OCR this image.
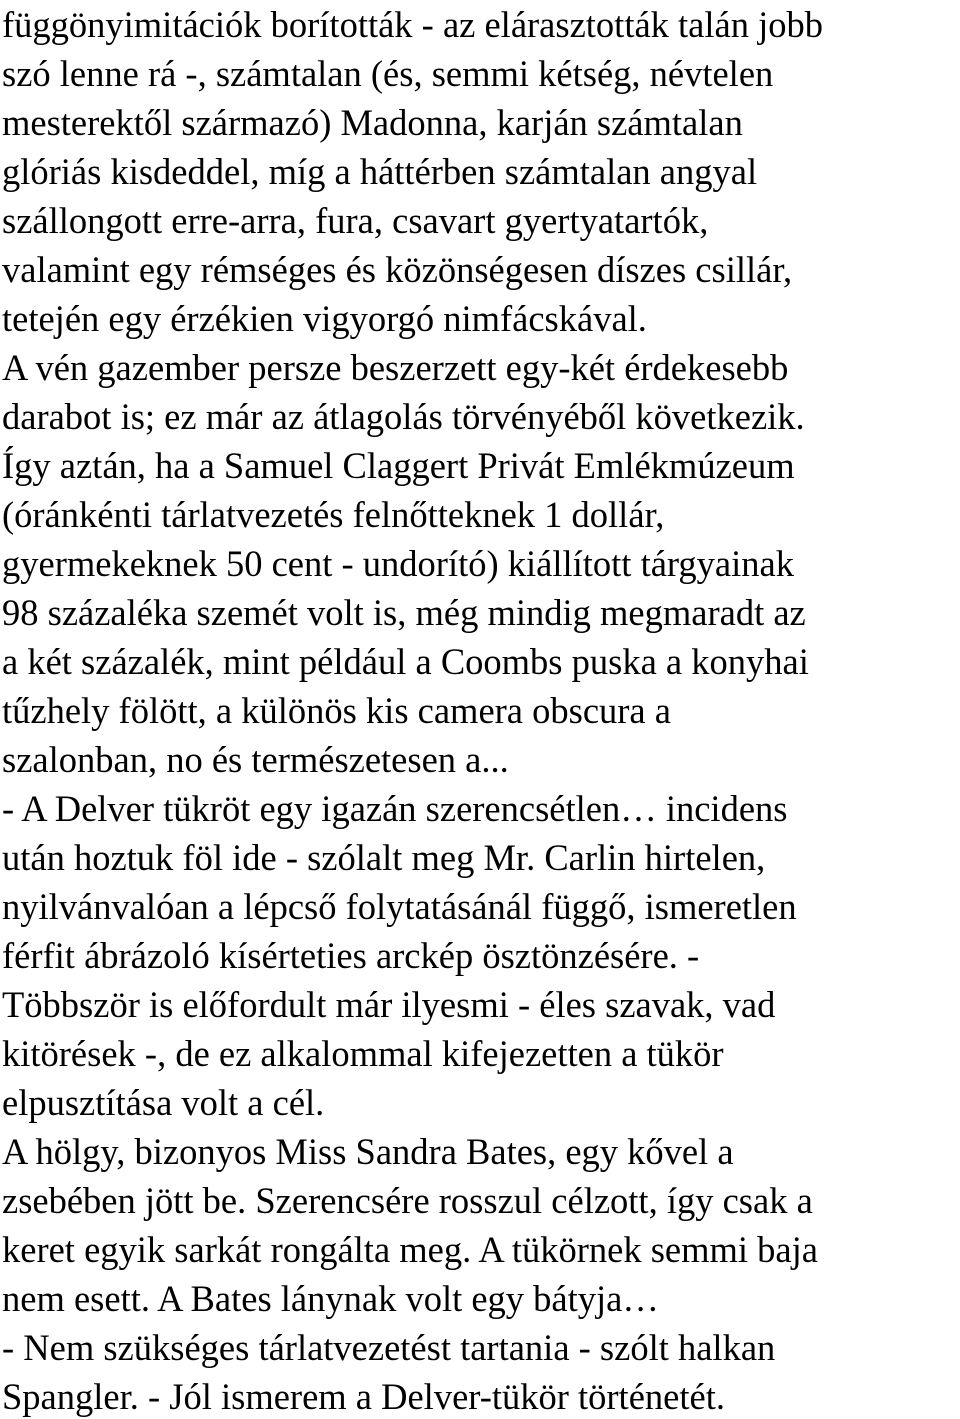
függönyimitációk borították - az elárasztották talán jobb
szó lenne rá -, számtalan (és, semmi kétség, névtelen
mesterektől származó) Madonna, karján számtalan
glóriás kisdeddel, míg a háttérben számtalan angyal
szállongott erre-arra, fura, csavart gyertyatartók,
valamint egy rémséges és közönségesen díszes csillár,
tetején egy érzékien vigyorgó nimfácskával.
A vén gazember persze beszerzett egy-két érdekesebb
darabot is; ez már az átlagolás törvényéből következik.
Így aztán, ha a Samuel Claggert Privát Emlékmúzeum
(óránkénti tárlatvezetés felnőtteknek 1 dollár,
gyermekeknek 50 cent - undorító) kiállított tárgyainak
98 százaléka szemét volt is, még mindig megmaradt az
a két százalék, mint például a Coombs puska a konyhai
tűzhely fölött, a különös kis camera obscura a
szalonban, no és természetesen a...
- A Delver tükröt egy igazán szerencsétlen… incidens
után hoztuk föl ide - szólalt meg Mr. Carlin hirtelen,
nyilvánvalóan a lépcső folytatásánál függő, ismeretlen
férfit ábrázoló kísérteties arckép ösztönzésére. -
Többször is előfordult már ilyesmi - éles szavak, vad
kitörések -, de ez alkalommal kifejezetten a tükör
elpusztítása volt a cél.
A hölgy, bizonyos Miss Sandra Bates, egy kővel a
zsebében jött be. Szerencsére rosszul célzott, így csak a
keret egyik sarkát rongálta meg. A tükörnek semmi baja
nem esett. A Bates lánynak volt egy bátyja…
- Nem szükséges tárlatvezetést tartania - szólt halkan
Spangler. - Jól ismerem a Delver-tükör történetét.
